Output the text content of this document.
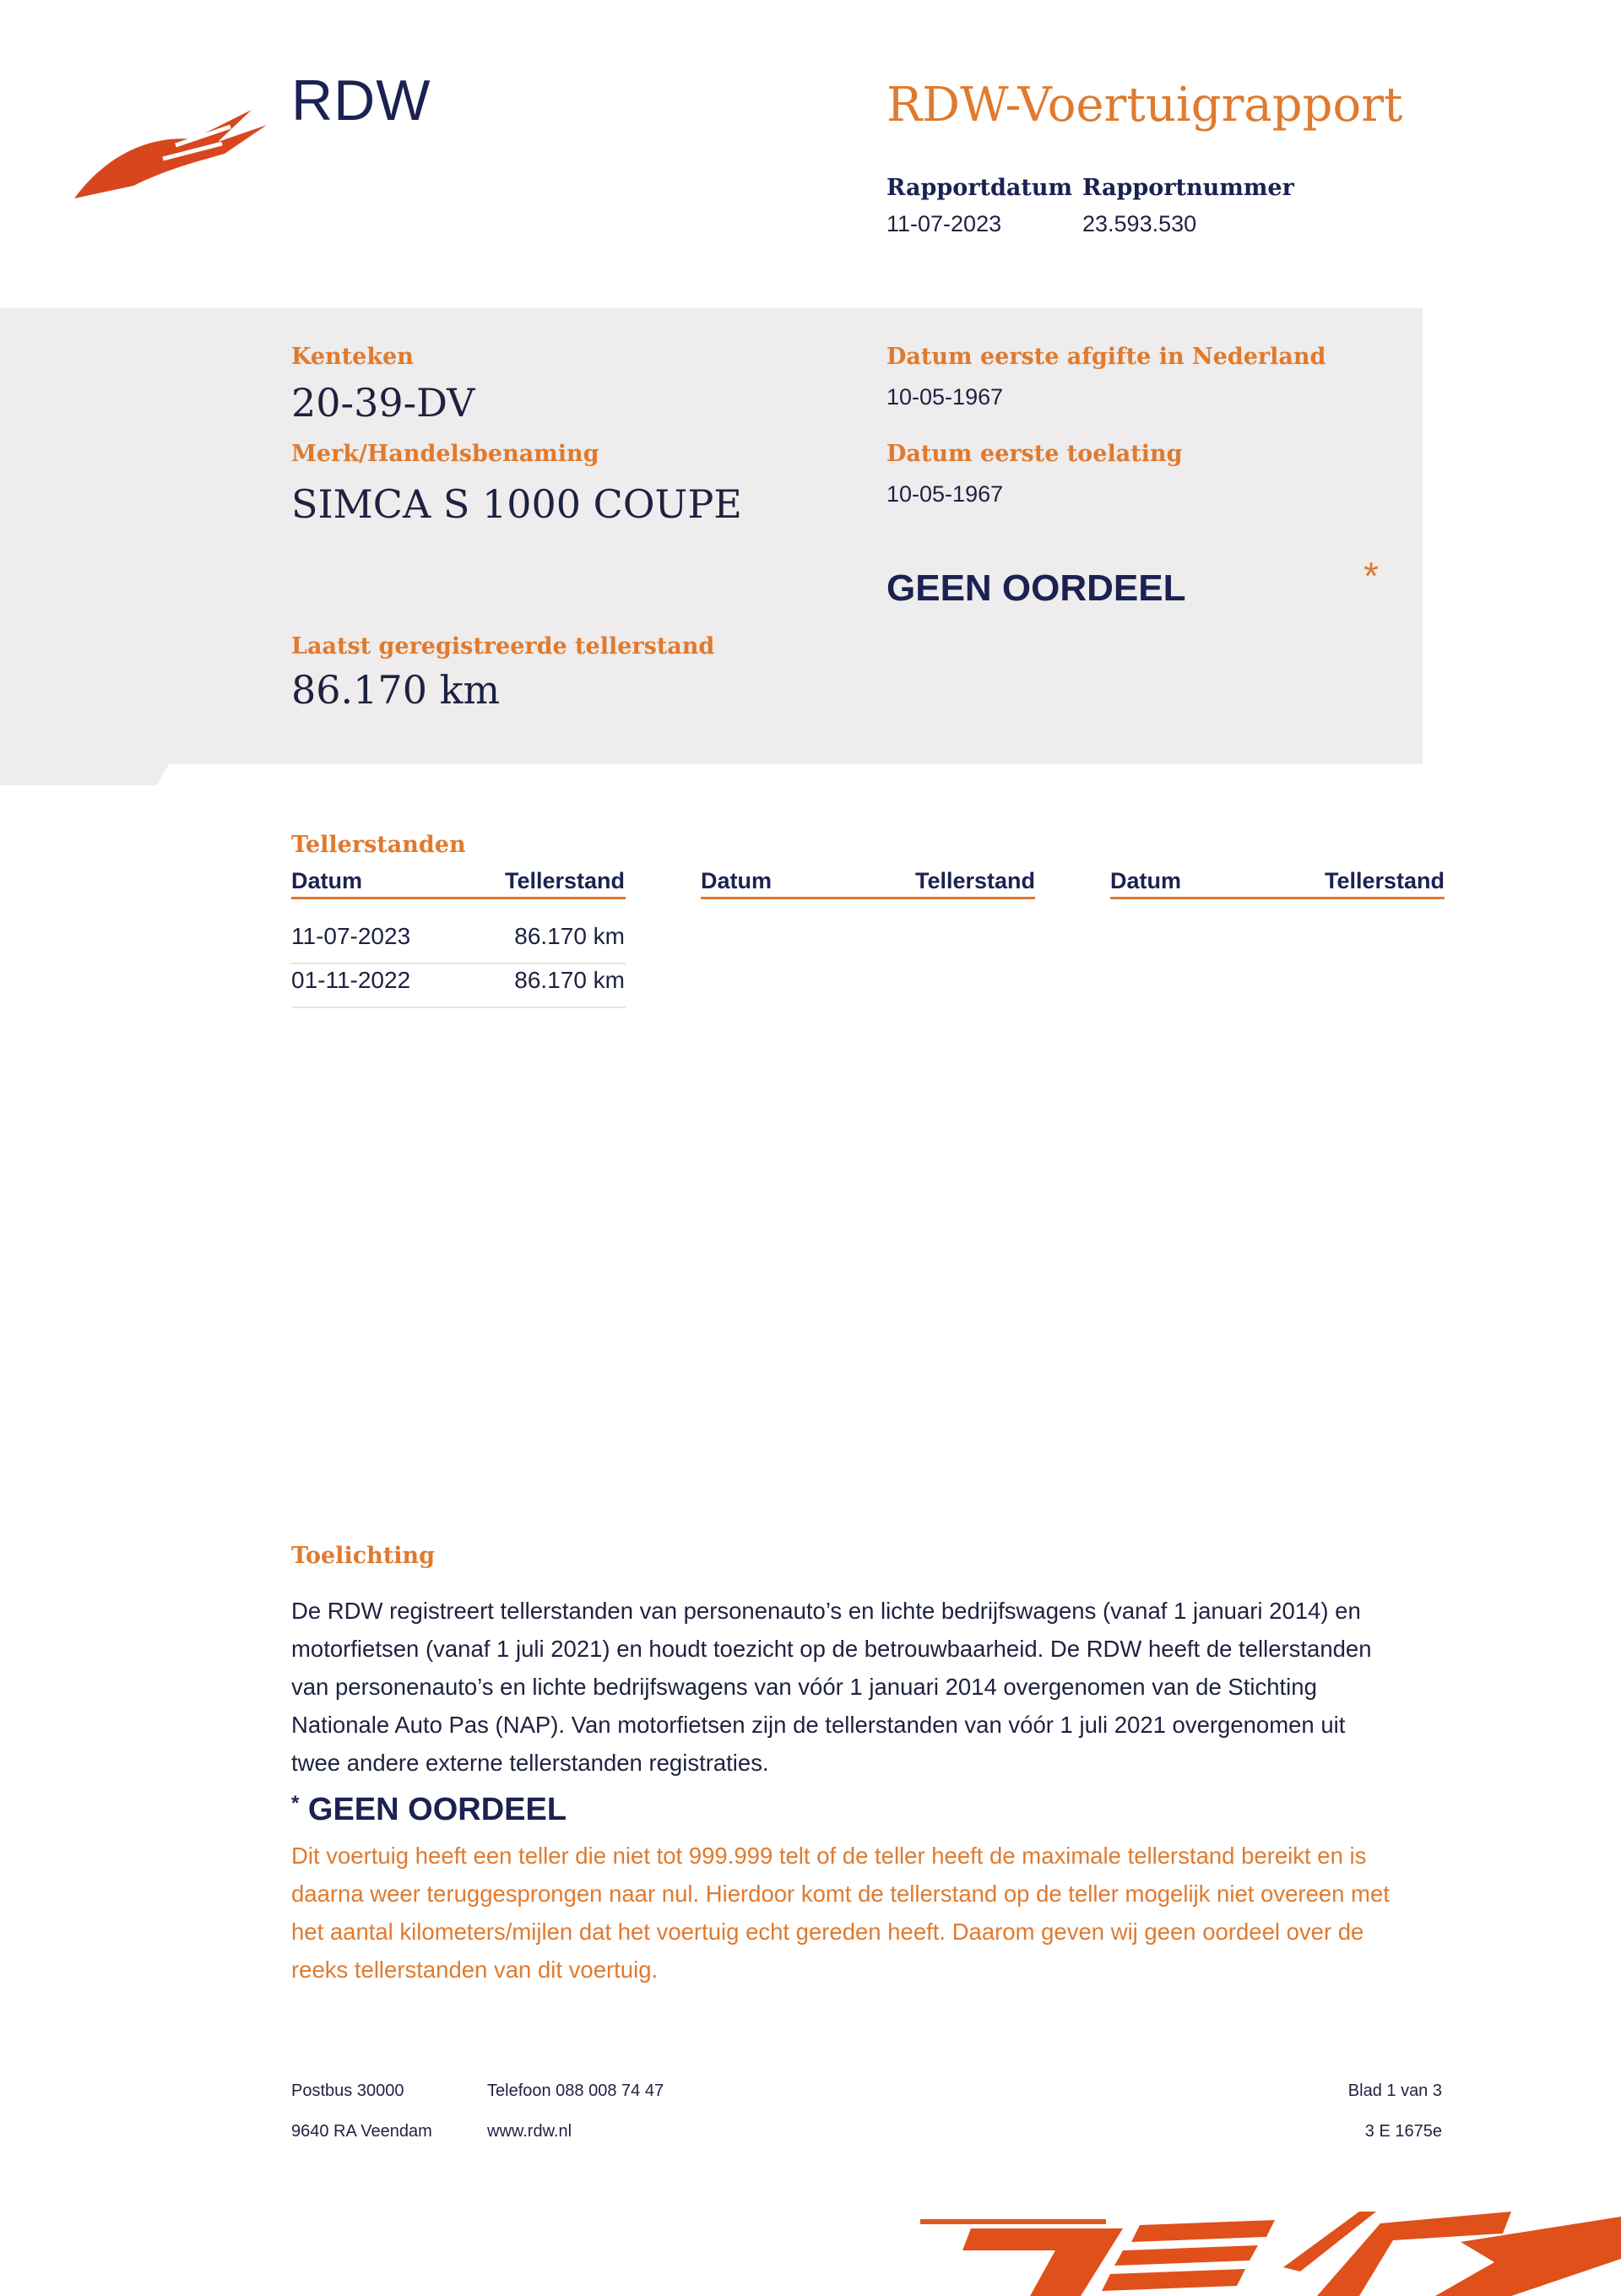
RDW	RDW-Voertuigrapport
Rapportdatum
11-07-2023
Rapportnummer
23.593.530
Kenteken
20-39-DV
Merk/Handelsbenaming
SIMCA S 1000 COUPE
Datum eerste afgifte in Nederland
10-05-1967
Datum eerste toelating
10-05-1967
GEEN OORDEEL	*
Laatst geregistreerde tellerstand
86.170 km
Tellerstanden
Datum	Tellerstand
11-07-2023	86.170 km
01-11-2022	86.170 km
Datum	Tellerstand	Datum	Tellerstand
Toelichting
De RDW registreert tellerstanden van personenauto’s en lichte bedrijfswagens (vanaf 1 januari 2014) en
motorfietsen (vanaf 1 juli 2021) en houdt toezicht op de betrouwbaarheid. De RDW heeft de tellerstanden
van personenauto’s en lichte bedrijfswagens van vóór 1 januari 2014 overgenomen van de Stichting
Nationale Auto Pas (NAP). Van motorfietsen zijn de tellerstanden van vóór 1 juli 2021 overgenomen uit
twee andere externe tellerstanden registraties.
* GEEN OORDEEL
Dit voertuig heeft een teller die niet tot 999.999 telt of de teller heeft de maximale tellerstand bereikt en is
daarna weer teruggesprongen naar nul. Hierdoor komt de tellerstand op de teller mogelijk niet overeen met
het aantal kilometers/mijlen dat het voertuig echt gereden heeft. Daarom geven wij geen oordeel over de
reeks tellerstanden van dit voertuig.
Postbus 30000
9640 RA Veendam
Telefoon 088 008 74 47
www.rdw.nl
Blad 1 van 3
3 E 1675e
